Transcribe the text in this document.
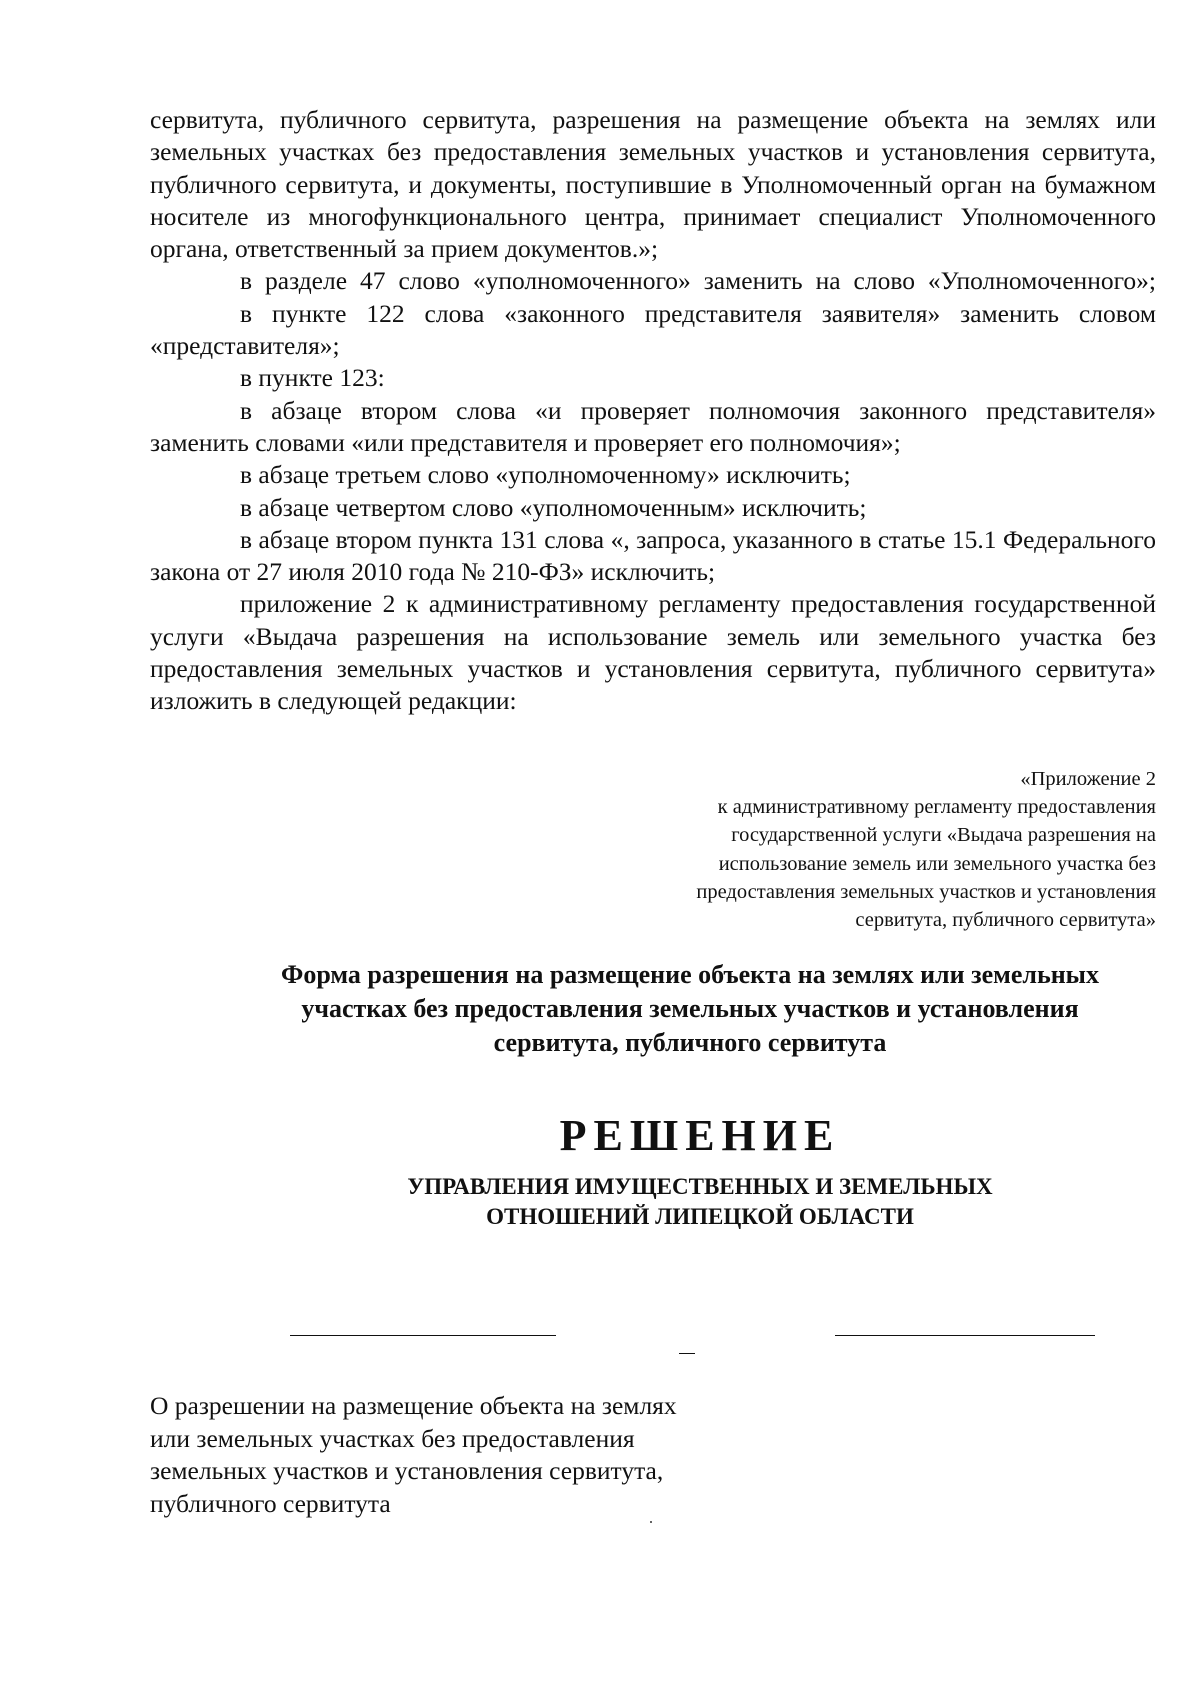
сервитута, публичного сервитута, разрешения на размещение объекта на землях или земельных участках без предоставления земельных участков и установления сервитута, публичного сервитута, и документы, поступившие в Уполномоченный орган на бумажном носителе из многофункционального центра, принимает специалист Уполномоченного органа, ответственный за прием документов.»;

в разделе 47 слово «уполномоченного» заменить на слово «Уполномоченного»;

в пункте 122 слова «законного представителя заявителя» заменить словом «представителя»;

в пункте 123:

в абзаце втором слова «и проверяет полномочия законного представителя» заменить словами «или представителя и проверяет его полномочия»;

в абзаце третьем слово «уполномоченному» исключить;

в абзаце четвертом слово «уполномоченным» исключить;

в абзаце втором пункта 131 слова «, запроса, указанного в статье 15.1 Федерального закона от 27 июля 2010 года № 210-ФЗ» исключить;

приложение 2 к административному регламенту предоставления государственной услуги «Выдача разрешения на использование земель или земельного участка без предоставления земельных участков и установления сервитута, публичного сервитута» изложить в следующей редакции:

«Приложение 2
к административному регламенту предоставления
государственной услуги «Выдача разрешения на
использование земель или земельного участка без
предоставления земельных участков и установления
сервитута, публичного сервитута»
Форма разрешения на размещение объекта на землях или земельных
участках без предоставления земельных участков и установления
сервитута, публичного сервитута
РЕШЕНИЕ
УПРАВЛЕНИЯ ИМУЩЕСТВЕННЫХ И ЗЕМЕЛЬНЫХ
ОТНОШЕНИЙ ЛИПЕЦКОЙ ОБЛАСТИ
О разрешении на размещение объекта на землях
или земельных участках без предоставления
земельных участков и установления сервитута,
публичного сервитута
